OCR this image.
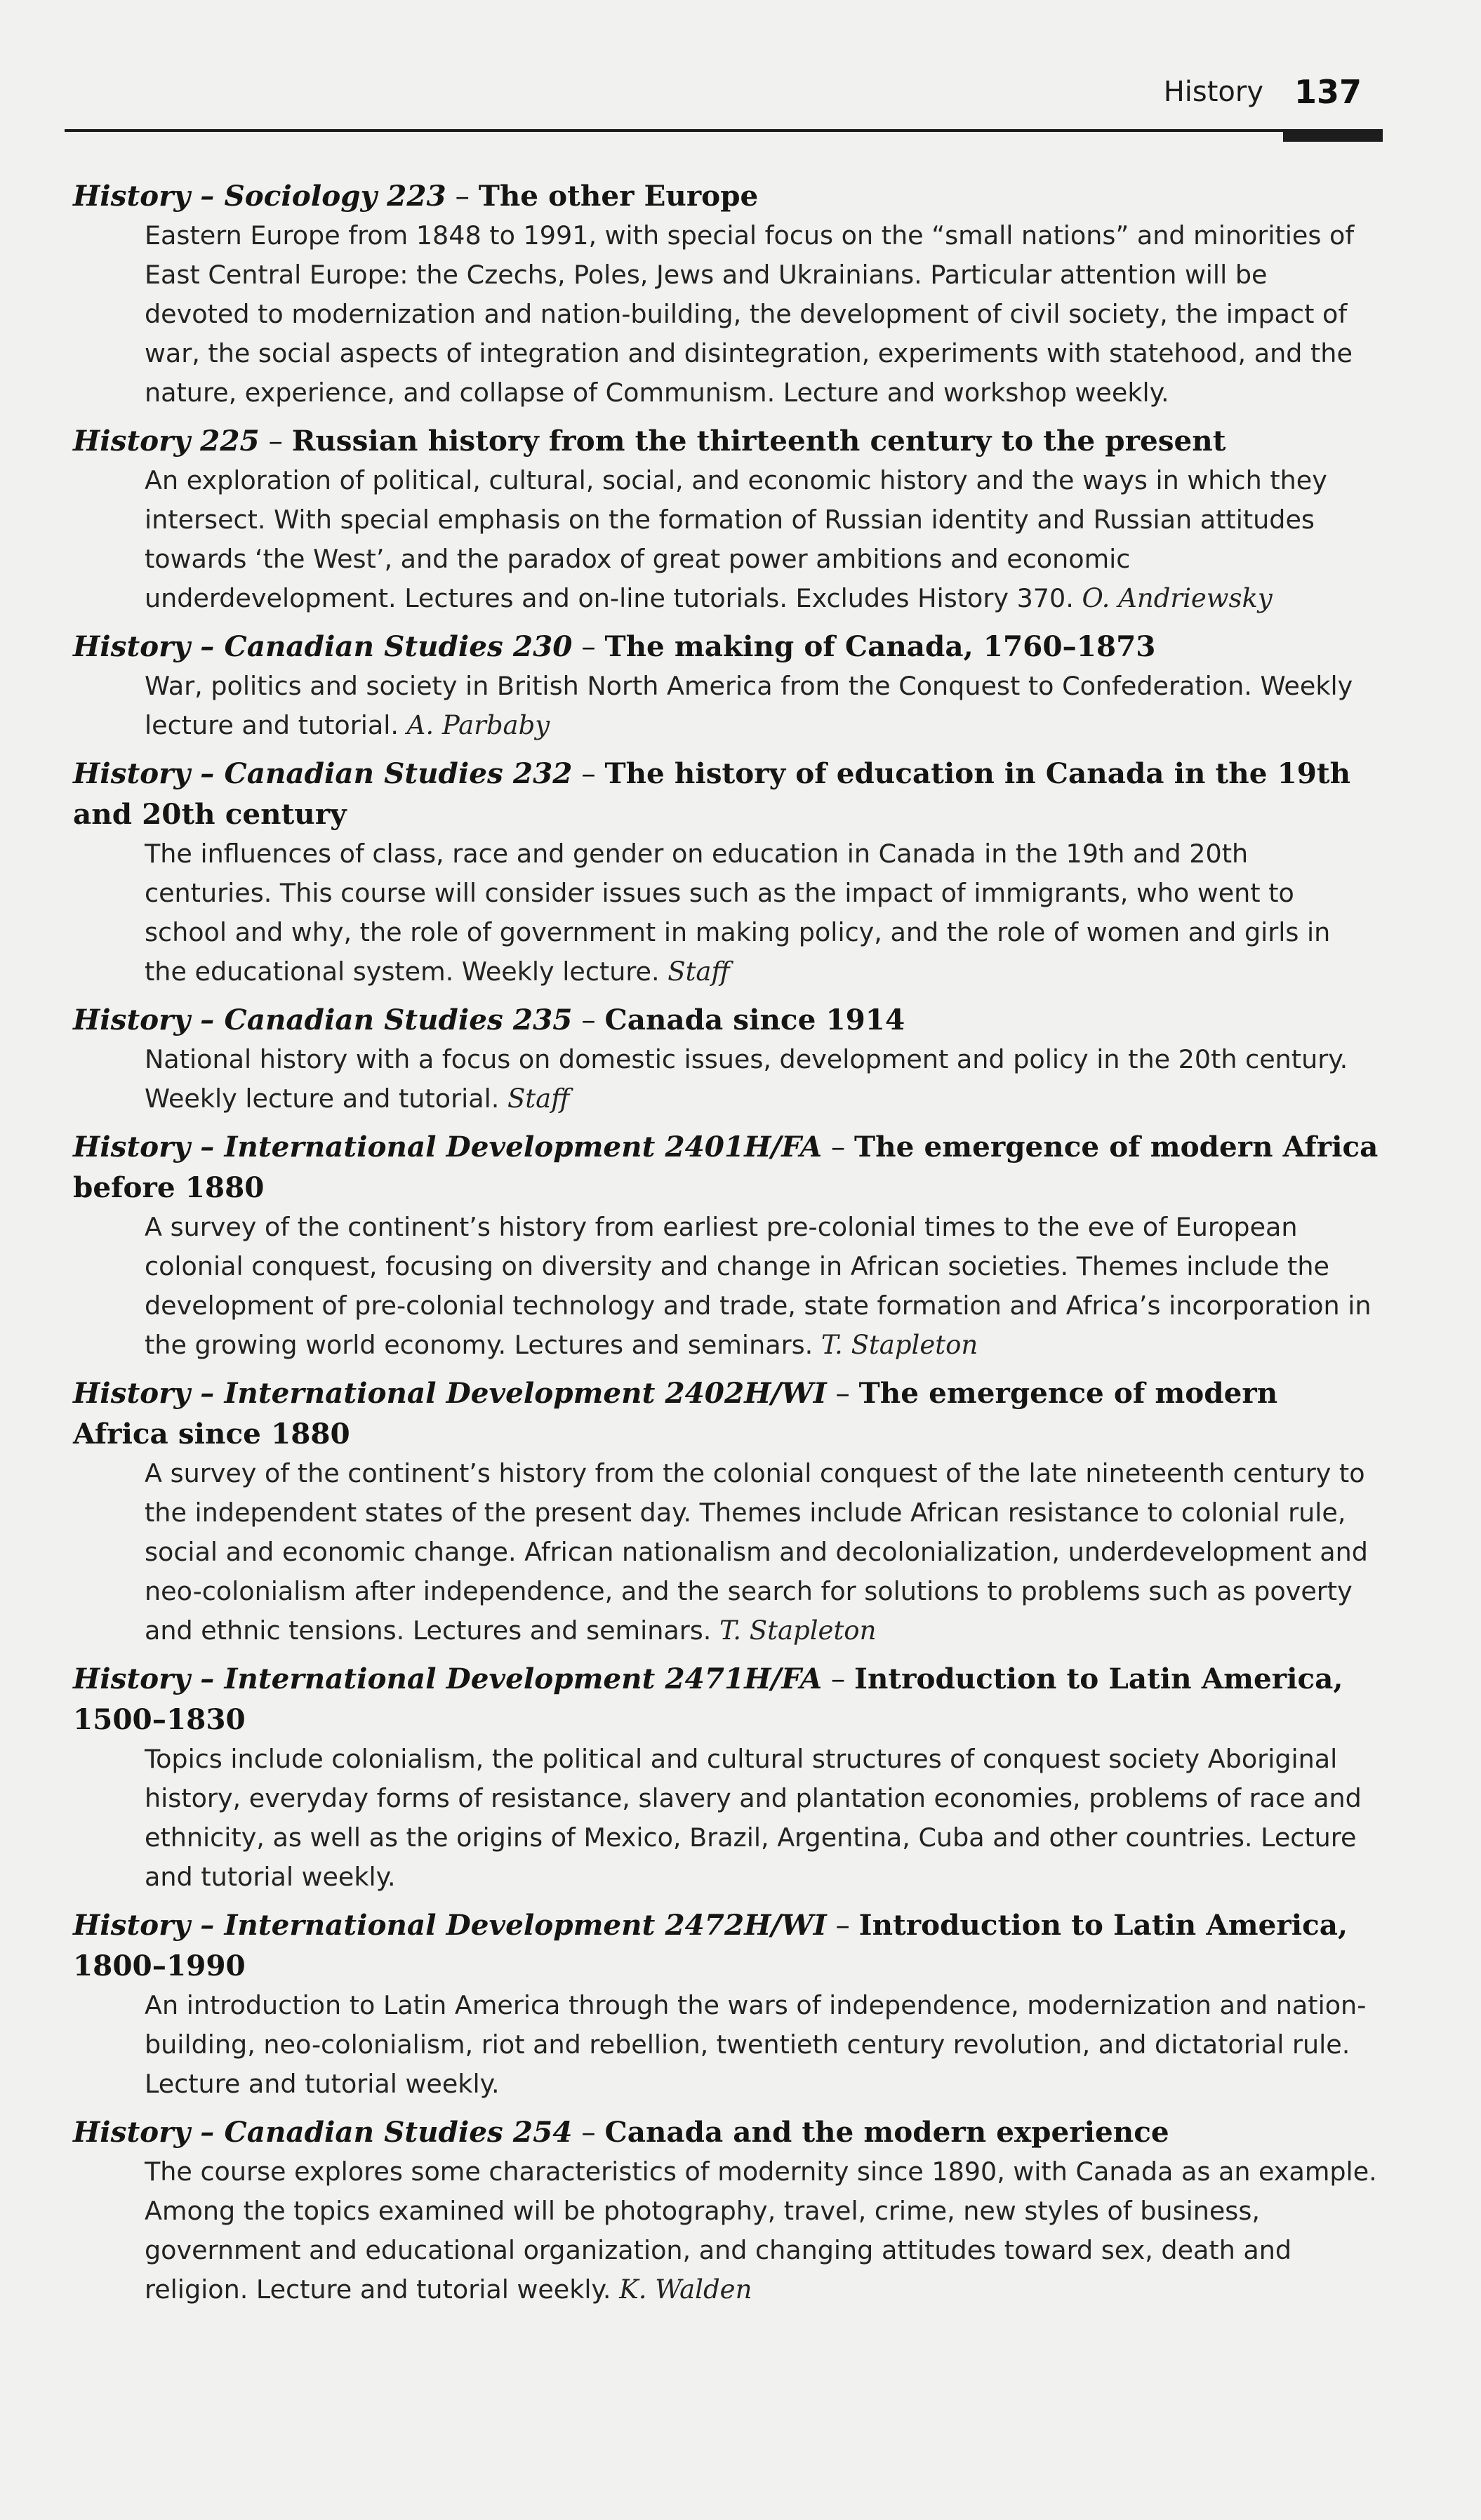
History 137

History – Sociology 223 – The other Europe

Eastern Europe from 1848 to 1991, with special focus on the “small nations” and minorities of East Central Europe: the Czechs, Poles, Jews and Ukrainians. Particular attention will be devoted to modernization and nation-building, the development of civil society, the impact of war, the social aspects of integration and disintegration, experiments with statehood, and the nature, experience, and collapse of Communism. Lecture and workshop weekly.

History 225 – Russian history from the thirteenth century to the present

An exploration of political, cultural, social, and economic history and the ways in which they intersect. With special emphasis on the formation of Russian identity and Russian attitudes towards ‘the West’, and the paradox of great power ambitions and economic underdevelopment. Lectures and on-line tutorials. Excludes History 370. O. Andriewsky

History – Canadian Studies 230 – The making of Canada, 1760–1873

War, politics and society in British North America from the Conquest to Confederation. Weekly lecture and tutorial. A. Parbaby

History – Canadian Studies 232 – The history of education in Canada in the 19th and 20th century

The influences of class, race and gender on education in Canada in the 19th and 20th centuries. This course will consider issues such as the impact of immigrants, who went to school and why, the role of government in making policy, and the role of women and girls in the educational system. Weekly lecture. Staff

History – Canadian Studies 235 – Canada since 1914

National history with a focus on domestic issues, development and policy in the 20th century. Weekly lecture and tutorial. Staff

History – International Development 2401H/FA – The emergence of modern Africa before 1880

A survey of the continent’s history from earliest pre-colonial times to the eve of European colonial conquest, focusing on diversity and change in African societies. Themes include the development of pre-colonial technology and trade, state formation and Africa’s incorporation in the growing world economy. Lectures and seminars. T. Stapleton

History – International Development 2402H/WI – The emergence of modern Africa since 1880

A survey of the continent’s history from the colonial conquest of the late nineteenth century to the independent states of the present day. Themes include African resistance to colonial rule, social and economic change. African nationalism and decolonialization, underdevelopment and neo-colonialism after independence, and the search for solutions to problems such as poverty and ethnic tensions. Lectures and seminars. T. Stapleton

History – International Development 2471H/FA – Introduction to Latin America, 1500–1830

Topics include colonialism, the political and cultural structures of conquest society Aboriginal history, everyday forms of resistance, slavery and plantation economies, problems of race and ethnicity, as well as the origins of Mexico, Brazil, Argentina, Cuba and other countries. Lecture and tutorial weekly.

History – International Development 2472H/WI – Introduction to Latin America, 1800–1990

An introduction to Latin America through the wars of independence, modernization and nation-building, neo-colonialism, riot and rebellion, twentieth century revolution, and dictatorial rule. Lecture and tutorial weekly.

History – Canadian Studies 254 – Canada and the modern experience

The course explores some characteristics of modernity since 1890, with Canada as an example. Among the topics examined will be photography, travel, crime, new styles of business, government and educational organization, and changing attitudes toward sex, death and religion. Lecture and tutorial weekly. K. Walden
